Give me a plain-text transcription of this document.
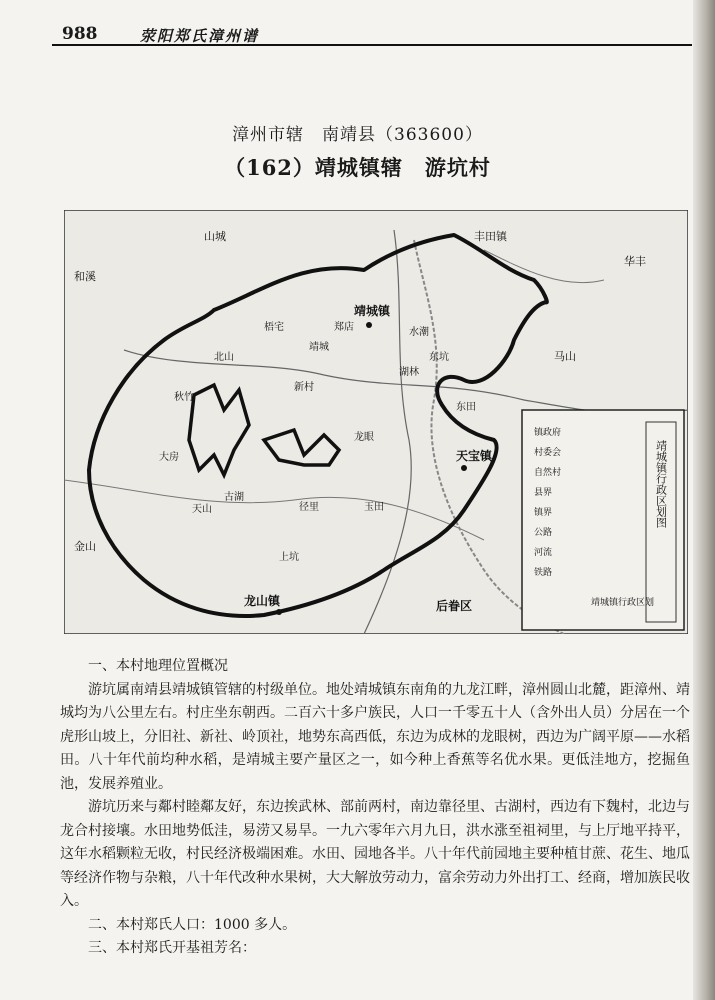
988	荥阳郑氏漳州谱
漳州市辖　南靖县（363600）
（162）靖城镇辖　游坑村
靖城镇行政区划图
靖城镇
天宝镇
龙山镇	后眷区
丰田镇
华丰
山城
和溪
金山
马山
大房
古湖
天山	径里
靖城
梧宅
龙眼
北山
上坑
东田
郑店	水潮
新村
湖林
东坑
玉田
秋竹
镇政府
村委会
自然村
县界
镇界
公路
河流
铁路
靖城镇行政区划

一、本村地理位置概况

游坑属南靖县靖城镇管辖的村级单位。地处靖城镇东南角的九龙江畔，漳州圆山北麓，距漳州、靖城均为八公里左右。村庄坐东朝西。二百六十多户族民，人口一千零五十人（含外出人员）分居在一个虎形山坡上，分旧社、新社、岭顶社，地势东高西低，东边为成林的龙眼树，西边为广阔平原——水稻田。八十年代前均种水稻，是靖城主要产量区之一，如今种上香蕉等名优水果。更低洼地方，挖掘鱼池，发展养殖业。

游坑历来与鄰村睦鄰友好，东边挨武林、部前两村，南边靠径里、古湖村，西边有下魏村，北边与龙合村接壤。水田地势低洼，易涝又易旱。一九六零年六月九日，洪水涨至祖祠里，与上厅地平持平，这年水稻颗粒无收，村民经济极端困难。水田、园地各半。八十年代前园地主要种植甘蔗、花生、地瓜等经济作物与杂粮，八十年代改种水果树，大大解放劳动力，富余劳动力外出打工、经商，增加族民收入。

二、本村郑氏人口：1000 多人。

三、本村郑氏开基祖芳名：
